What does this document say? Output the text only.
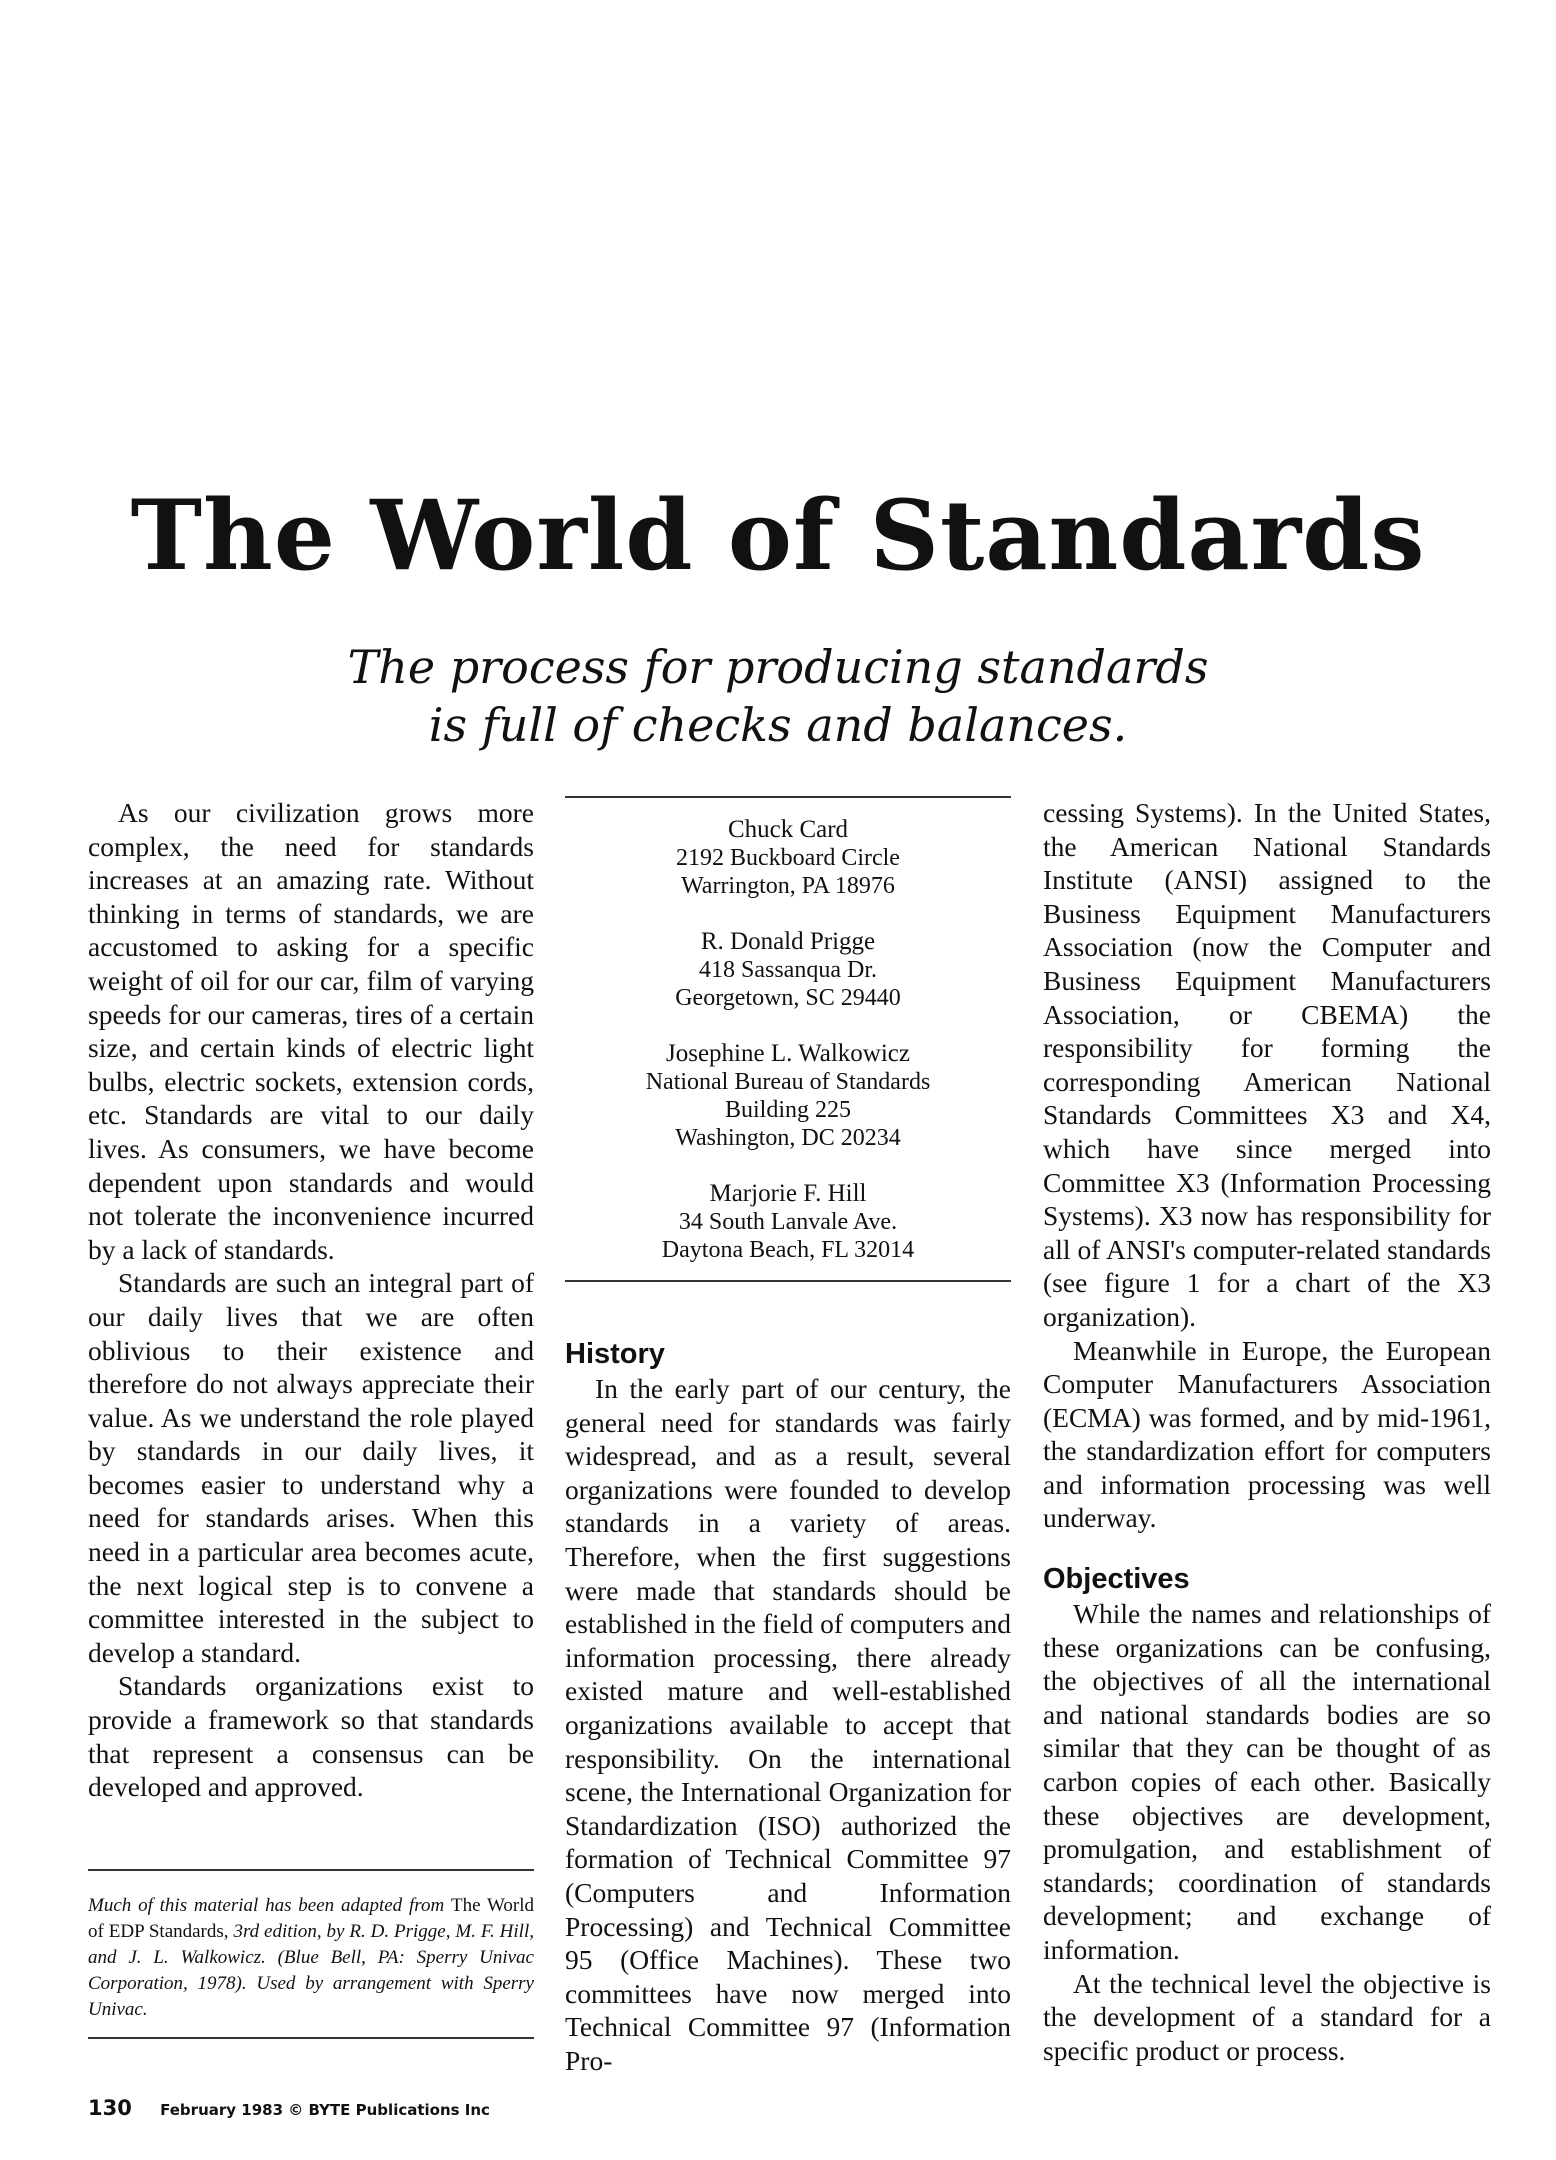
The World of Standards
The process for producing standards
is full of checks and balances.

As our civilization grows more complex, the need for standards increases at an amazing rate. Without thinking in terms of standards, we are accustomed to asking for a specific weight of oil for our car, film of varying speeds for our cameras, tires of a certain size, and certain kinds of electric light bulbs, electric sockets, extension cords, etc. Standards are vital to our daily lives. As consumers, we have become dependent upon standards and would not tolerate the inconvenience incurred by a lack of standards.

Standards are such an integral part of our daily lives that we are often oblivious to their existence and therefore do not always appreciate their value. As we understand the role played by standards in our daily lives, it becomes easier to understand why a need for standards arises. When this need in a particular area becomes acute, the next logical step is to convene a committee interested in the subject to develop a standard.

Standards organizations exist to provide a framework so that standards that represent a consensus can be developed and approved.

Much of this material has been adapted from The World of EDP Standards, 3rd edition, by R. D. Prigge, M. F. Hill, and J. L. Walkowicz. (Blue Bell, PA: Sperry Univac Corporation, 1978). Used by arrangement with Sperry Univac.
Chuck Card
2192 Buckboard Circle
Warrington, PA 18976
R. Donald Prigge
418 Sassanqua Dr.
Georgetown, SC 29440
Josephine L. Walkowicz
National Bureau of Standards
Building 225
Washington, DC 20234
Marjorie F. Hill
34 South Lanvale Ave.
Daytona Beach, FL 32014
History

In the early part of our century, the general need for standards was fairly widespread, and as a result, several organizations were founded to develop standards in a variety of areas. Therefore, when the first suggestions were made that standards should be established in the field of computers and information processing, there already existed mature and well-established organizations available to accept that responsibility. On the international scene, the International Organization for Standardization (ISO) authorized the formation of Technical Committee 97 (Computers and Information Processing) and Technical Committee 95 (Office Machines). These two committees have now merged into Technical Committee 97 (Information Pro-

cessing Systems). In the United States, the American National Standards Institute (ANSI) assigned to the Business Equipment Manufacturers Association (now the Computer and Business Equipment Manufacturers Association, or CBEMA) the responsibility for forming the corresponding American National Standards Committees X3 and X4, which have since merged into Committee X3 (Information Processing Systems). X3 now has responsibility for all of ANSI's computer-related standards (see figure 1 for a chart of the X3 organization).

Meanwhile in Europe, the European Computer Manufacturers Association (ECMA) was formed, and by mid-1961, the standardization effort for computers and information processing was well underway.

Objectives

While the names and relationships of these organizations can be confusing, the objectives of all the international and national standards bodies are so similar that they can be thought of as carbon copies of each other. Basically these objectives are development, promulgation, and establishment of standards; coordination of standards development; and exchange of information.

At the technical level the objective is the development of a standard for a specific product or process.

130 February 1983 © BYTE Publications Inc
